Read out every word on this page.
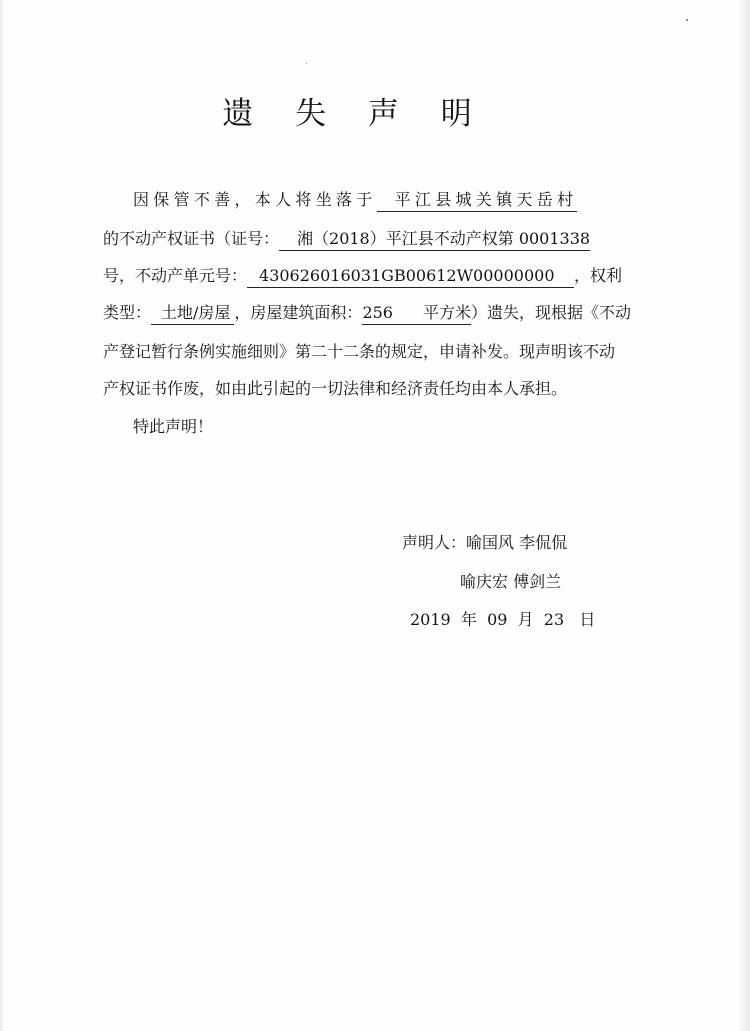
遗 失 声 明
因保管不善，本人将坐落于 平江县城关镇天岳村
的不动产权证书（证号： 湘（2018）平江县不动产权第 0001338
号，不动产单元号： 430626016031GB00612W00000000 ，权利
类型： 土地/房屋 ，房屋建筑面积：256 平方米）遗失，现根据《不动
产登记暂行条例实施细则》第二十二条的规定，申请补发。现声明该不动
产权证书作废，如由此引起的一切法律和经济责任均由本人承担。
特此声明！
声明人：喻国风 李侃侃
喻庆宏 傅剑兰
2019 年 09 月 23 日
